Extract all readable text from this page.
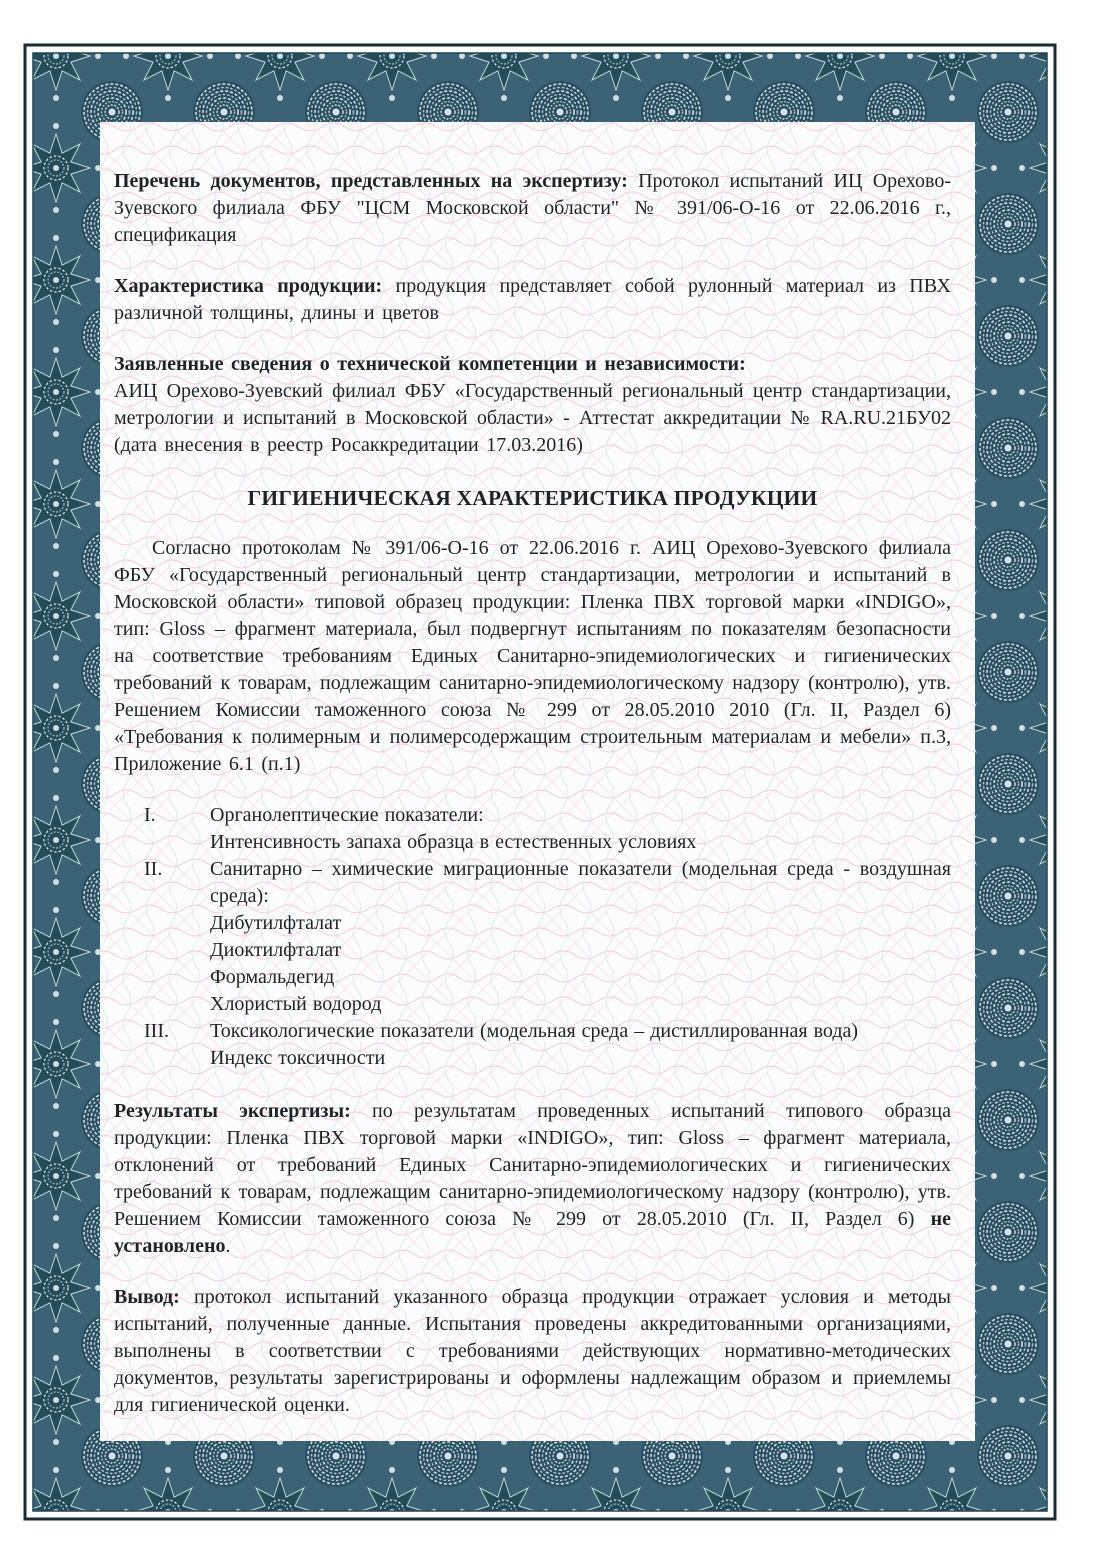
Перечень документов, представленных на экспертизу: Протокол испытаний ИЦ Орехово-Зуевского филиала ФБУ "ЦСМ Московской области" № 391/06-О-16 от 22.06.2016 г., спецификация

Характеристика продукции: продукция представляет собой рулонный материал из ПВХ различной толщины, длины и цветов

Заявленные сведения о технической компетенции и независимости:
АИЦ Орехово-Зуевский филиал ФБУ «Государственный региональный центр стандартизации, метрологии и испытаний в Московской области» - Аттестат аккредитации № RA.RU.21БУ02 (дата внесения в реестр Росаккредитации 17.03.2016)

ГИГИЕНИЧЕСКАЯ ХАРАКТЕРИСТИКА ПРОДУКЦИИ

Согласно протоколам № 391/06-О-16 от 22.06.2016 г. АИЦ Орехово-Зуевского филиала ФБУ «Государственный региональный центр стандартизации, метрологии и испытаний в Московской области» типовой образец продукции: Пленка ПВХ торговой марки «INDIGO», тип: Gloss – фрагмент материала, был подвергнут испытаниям по показателям безопасности на соответствие требованиям Единых Санитарно-эпидемиологических и гигиенических требований к товарам, подлежащим санитарно-эпидемиологическому надзору (контролю), утв. Решением Комиссии таможенного союза № 299 от 28.05.2010 2010 (Гл. II, Раздел 6) «Требования к полимерным и полимерсодержащим строительным материалам и мебели» п.3, Приложение 6.1 (п.1)

I.	Органолептические показатели:
Интенсивность запаха образца в естественных условиях
II.	Санитарно – химические миграционные показатели (модельная среда - воздушная среда):
Дибутилфталат
Диоктилфталат
Формальдегид
Хлористый водород
III.	Токсикологические показатели (модельная среда – дистиллированная вода)
Индекс токсичности

Результаты экспертизы: по результатам проведенных испытаний типового образца продукции: Пленка ПВХ торговой марки «INDIGO», тип: Gloss – фрагмент материала, отклонений от требований Единых Санитарно-эпидемиологических и гигиенических требований к товарам, подлежащим санитарно-эпидемиологическому надзору (контролю), утв. Решением Комиссии таможенного союза № 299 от 28.05.2010 (Гл. II, Раздел 6) не установлено.

Вывод: протокол испытаний указанного образца продукции отражает условия и методы испытаний, полученные данные. Испытания проведены аккредитованными организациями, выполнены в соответствии с требованиями действующих нормативно-методических документов, результаты зарегистрированы и оформлены надлежащим образом и приемлемы для гигиенической оценки.
